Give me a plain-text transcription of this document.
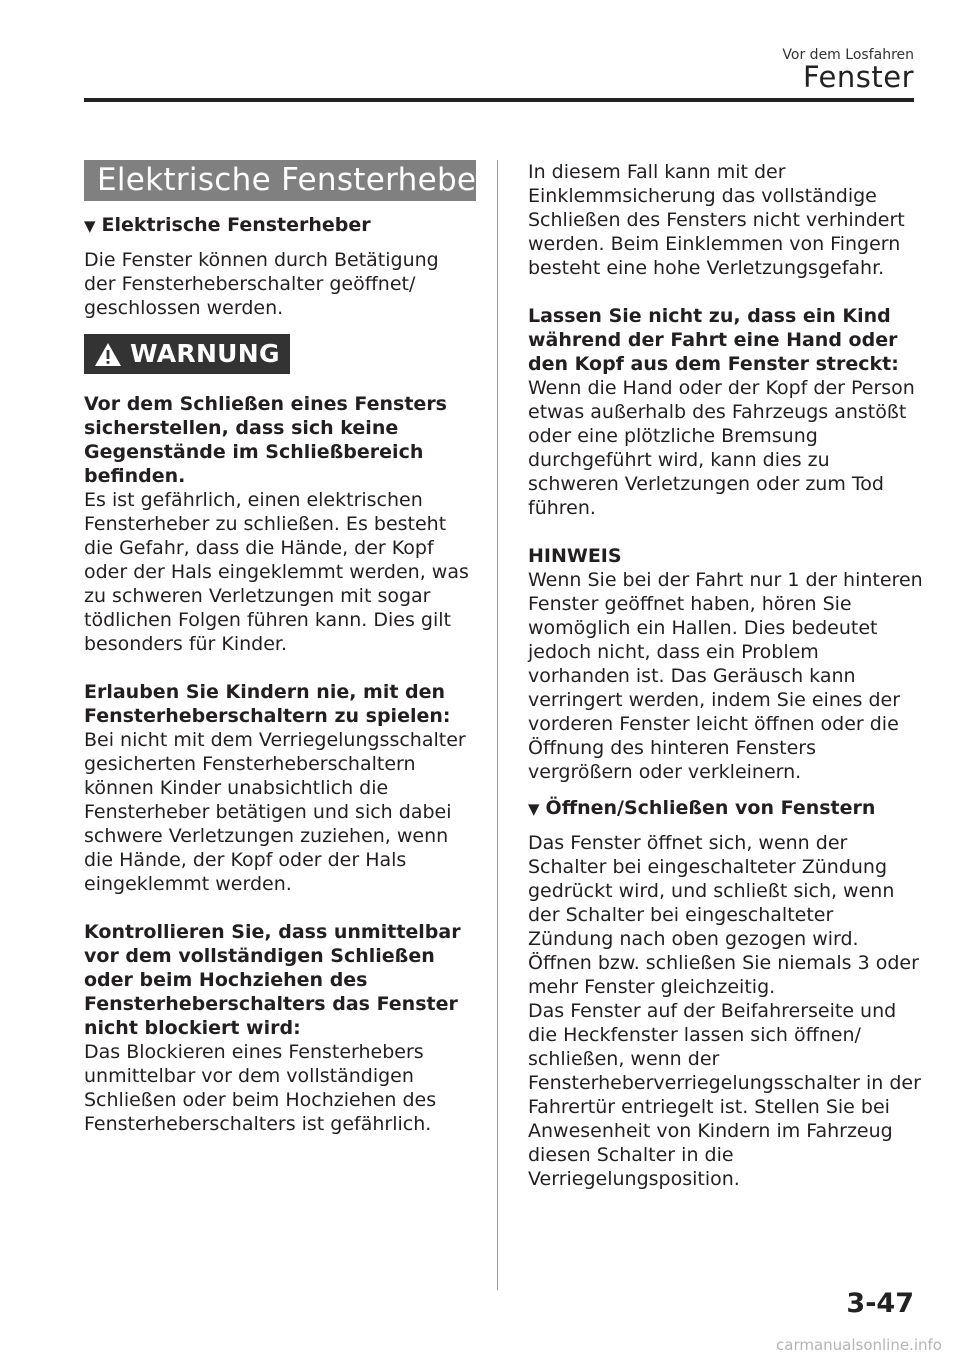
Vor dem Losfahren
Fenster
Elektrische Fensterheber
▼ Elektrische Fensterheber

Die Fenster können durch Betätigung der Fensterheberschalter geöffnet/ geschlossen werden.

WARNUNG

Vor dem Schließen eines Fensters sicherstellen, dass sich keine Gegenstände im Schließbereich befinden.

Es ist gefährlich, einen elektrischen Fensterheber zu schließen. Es besteht die Gefahr, dass die Hände, der Kopf oder der Hals eingeklemmt werden, was zu schweren Verletzungen mit sogar tödlichen Folgen führen kann. Dies gilt besonders für Kinder.

Erlauben Sie Kindern nie, mit den Fensterheberschaltern zu spielen:

Bei nicht mit dem Verriegelungsschalter gesicherten Fensterheberschaltern können Kinder unabsichtlich die Fensterheber betätigen und sich dabei schwere Verletzungen zuziehen, wenn die Hände, der Kopf oder der Hals eingeklemmt werden.

Kontrollieren Sie, dass unmittelbar vor dem vollständigen Schließen oder beim Hochziehen des Fensterheberschalters das Fenster nicht blockiert wird:

Das Blockieren eines Fensterhebers unmittelbar vor dem vollständigen Schließen oder beim Hochziehen des Fensterheberschalters ist gefährlich.

In diesem Fall kann mit der Einklemmsicherung das vollständige Schließen des Fensters nicht verhindert werden. Beim Einklemmen von Fingern besteht eine hohe Verletzungsgefahr.

Lassen Sie nicht zu, dass ein Kind während der Fahrt eine Hand oder den Kopf aus dem Fenster streckt:

Wenn die Hand oder der Kopf der Person etwas außerhalb des Fahrzeugs anstößt oder eine plötzliche Bremsung durchgeführt wird, kann dies zu schweren Verletzungen oder zum Tod führen.

HINWEIS

Wenn Sie bei der Fahrt nur 1 der hinteren Fenster geöffnet haben, hören Sie womöglich ein Hallen. Dies bedeutet jedoch nicht, dass ein Problem vorhanden ist. Das Geräusch kann verringert werden, indem Sie eines der vorderen Fenster leicht öffnen oder die Öffnung des hinteren Fensters vergrößern oder verkleinern.

▼ Öffnen/Schließen von Fenstern

Das Fenster öffnet sich, wenn der Schalter bei eingeschalteter Zündung gedrückt wird, und schließt sich, wenn der Schalter bei eingeschalteter Zündung nach oben gezogen wird. Öffnen bzw. schließen Sie niemals 3 oder mehr Fenster gleichzeitig.

Das Fenster auf der Beifahrerseite und die Heckfenster lassen sich öffnen/ schließen, wenn der Fensterheberverriegelungsschalter in der Fahrertür entriegelt ist. Stellen Sie bei Anwesenheit von Kindern im Fahrzeug diesen Schalter in die Verriegelungsposition.

3-47
carmanualsonline.info
